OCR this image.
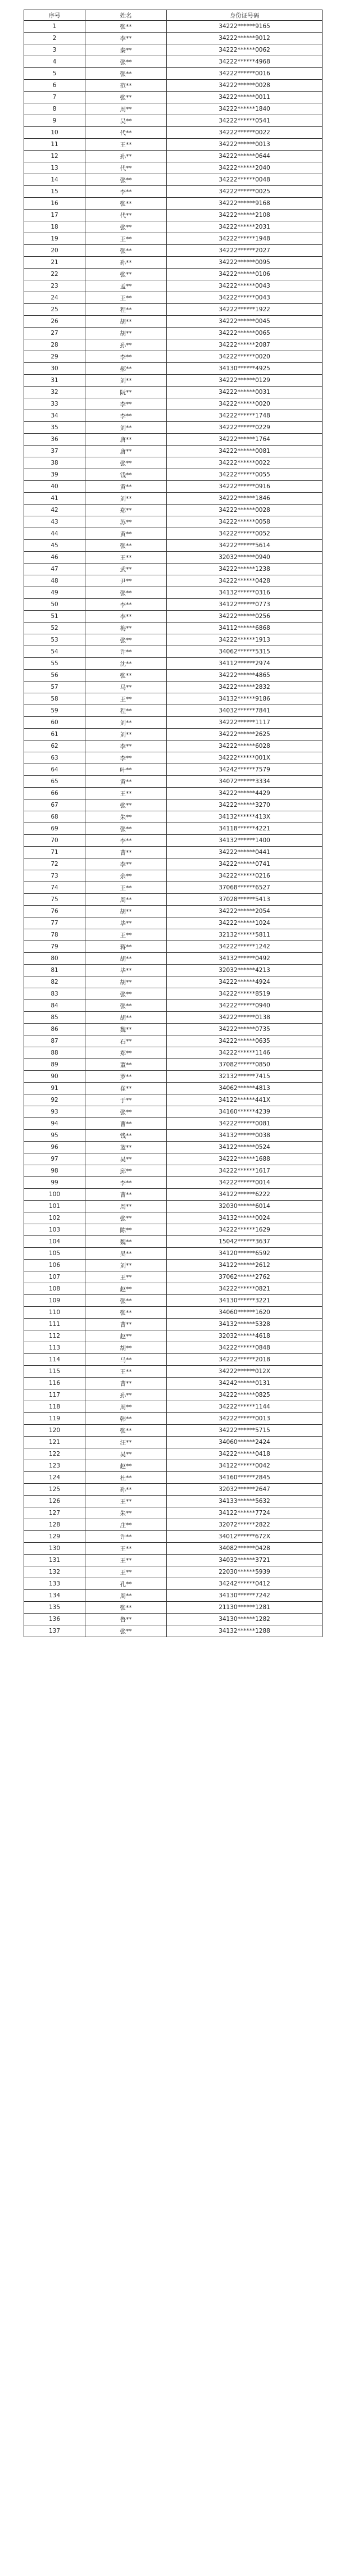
序号	姓名	身份证号码
1	张**	34222******9165
2	李**	34222******9012
3	秦**	34222******0062
4	张**	34222******4968
5	张**	34222******0016
6	范**	34222******0028
7	张**	34222******0011
8	周**	34222******1840
9	吴**	34222******0541
10	代**	34222******0022
11	王**	34222******0013
12	孙**	34222******0644
13	代**	34222******2040
14	张**	34222******0048
15	李**	34222******0025
16	张**	34222******9168
17	代**	34222******2108
18	张**	34222******2031
19	王**	34222******1948
20	张**	34222******2027
21	孙**	34222******0095
22	张**	34222******0106
23	孟**	34222******0043
24	王**	34222******0043
25	程**	34222******1922
26	胡**	34222******0045
27	胡**	34222******0065
28	孙**	34222******2087
29	李**	34222******0020
30	郝**	34130******4925
31	刘**	34222******0129
32	阮**	34222******0031
33	李**	34222******0020
34	李**	34222******1748
35	刘**	34222******0229
36	唐**	34222******1764
37	唐**	34222******0081
38	张**	34222******0022
39	钱**	34222******0055
40	黄**	34222******0916
41	刘**	34222******1846
42	郑**	34222******0028
43	苏**	34222******0058
44	黄**	34222******0052
45	张**	34222******5614
46	王**	32032******0940
47	武**	34222******1238
48	尹**	34222******0428
49	张**	34132******0316
50	李**	34122******0773
51	李**	34222******0256
52	梅**	34112******6868
53	张**	34222******1913
54	许**	34062******5315
55	沈**	34112******2974
56	张**	34222******4865
57	马**	34222******2832
58	王**	34132******9186
59	程**	34032******7841
60	刘**	34222******1117
61	刘**	34222******2625
62	李**	34222******6028
63	李**	34222******001X
64	叶**	34242******7579
65	黄**	34072******3334
66	王**	34222******4429
67	张**	34222******3270
68	朱**	34132******413X
69	张**	34118******4221
70	李**	34132******1400
71	曹**	34222******0441
72	李**	34222******0741
73	余**	34222******0216
74	王**	37068******6527
75	周**	37028******5413
76	胡**	34222******2054
77	毕**	34222******1024
78	王**	32132******5811
79	蒋**	34222******1242
80	胡**	34132******0492
81	毕**	32032******4213
82	胡**	34222******4924
83	张**	34222******8519
84	张**	34222******0940
85	胡**	34222******0138
86	魏**	34222******0735
87	石**	34222******0635
88	郑**	34222******1146
89	董**	37082******0850
90	罗**	32132******7415
91	崔**	34062******4813
92	于**	34122******441X
93	张**	34160******4239
94	曹**	34222******0081
95	钱**	34132******0038
96	蓝**	34122******0524
97	吴**	34222******1688
98	邱**	34222******1617
99	李**	34222******0014
100	曹**	34122******6222
101	周**	32030******6014
102	张**	34132******0024
103	陈**	34222******1629
104	魏**	15042******3637
105	吴**	34120******6592
106	刘**	34122******2612
107	王**	37062******2762
108	赵**	34222******0821
109	张**	34130******3221
110	张**	34060******1620
111	曹**	34132******5328
112	赵**	32032******4618
113	胡**	34222******0848
114	马**	34222******2018
115	王**	34222******012X
116	曹**	34242******0131
117	孙**	34222******0825
118	周**	34222******1144
119	韩**	34222******0013
120	张**	34222******5715
121	汪**	34060******2424
122	吴**	34222******0418
123	赵**	34122******0042
124	杜**	34160******2845
125	孙**	32032******2647
126	王**	34133******5632
127	朱**	34122******7724
128	庄**	32072******2822
129	许**	34012******672X
130	王**	34082******0428
131	王**	34032******3721
132	王**	22030******5939
133	孔**	34242******0412
134	周**	34130******7242
135	张**	21130******1281
136	鲁**	34130******1282
137	张**	34132******1288
